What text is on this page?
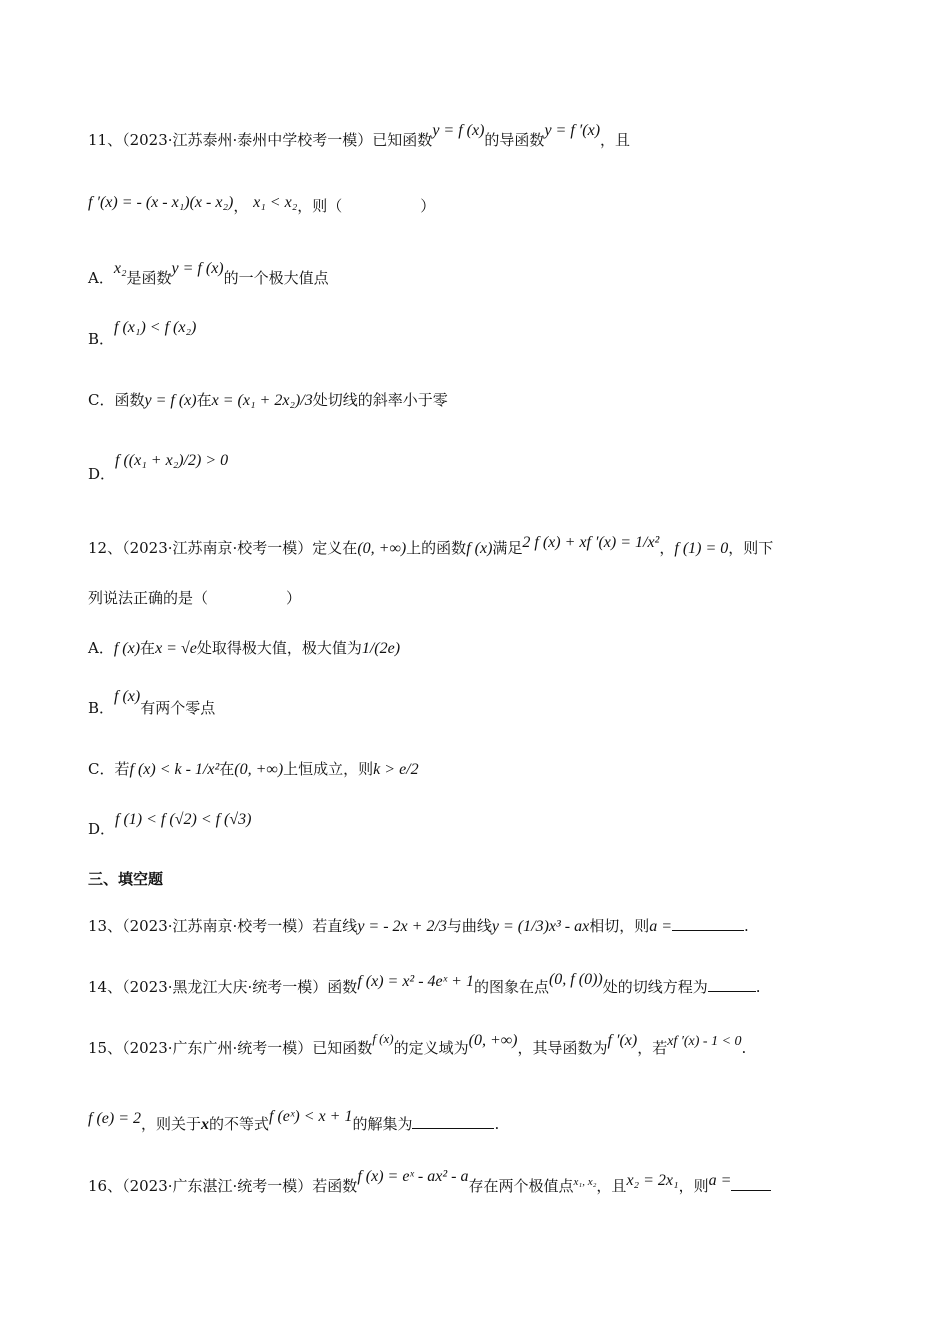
11、（2023·江苏泰州·泰州中学校考一模）已知函数y = f (x)的导函数y = f ′(x)，且
f ′(x) = - (x - x₁)(x - x₂)， x₁ < x₂，则（	）
A．x₂是函数y = f (x)的一个极大值点
B．f (x₁) < f (x₂)
C．函数y = f (x)在x = (x₁ + 2x₂)/3处切线的斜率小于零
D．f ((x₁ + x₂)/2) > 0
12、（2023·江苏南京·校考一模）定义在(0, +∞)上的函数f (x)满足2 f (x) + xf ′(x) = 1/x²，f (1) = 0，则下
列说法正确的是（	）
A．f (x)在x = √e处取得极大值，极大值为1/(2e)
B．f (x)有两个零点
C．若f (x) < k - 1/x²在(0, +∞)上恒成立，则k > e/2
D．f (1) < f (√2) < f (√3)
三、填空题
13、（2023·江苏南京·校考一模）若直线y = - 2x + 2/3与曲线y = (1/3)x³ - ax相切，则a =	.
14、（2023·黑龙江大庆·统考一模）函数f (x) = x² - 4eˣ + 1的图象在点(0, f (0))处的切线方程为	.
15、（2023·广东广州·统考一模）已知函数f (x)的定义域为(0, +∞)，其导函数为f ′(x)，若xf ′(x) - 1 < 0.
f (e) = 2，则关于x的不等式f (eˣ) < x + 1的解集为	.
16、（2023·广东湛江·统考一模）若函数f (x) = eˣ - ax² - a存在两个极值点$^{x_1, x_2}$，且x₂ = 2x₁，则a =
